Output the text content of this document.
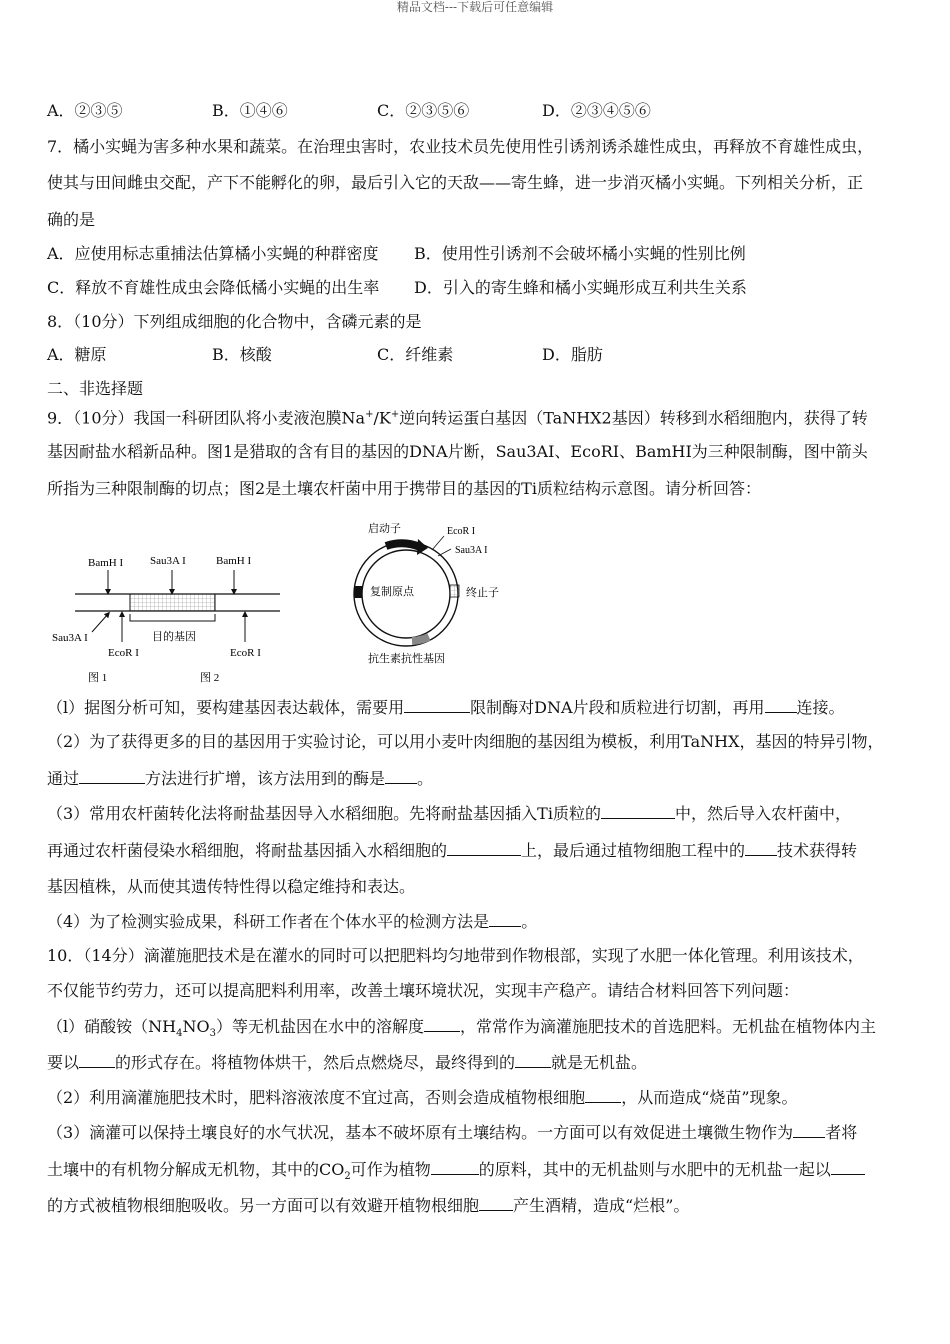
精品文档---下载后可任意编辑
A．②③⑤	B．①④⑥	C．②③⑤⑥	D．②③④⑤⑥
7．橘小实蝇为害多种水果和蔬菜。在治理虫害时，农业技术员先使用性引诱剂诱杀雄性成虫，再释放不育雄性成虫，
使其与田间雌虫交配，产下不能孵化的卵，最后引入它的天敌——寄生蜂，进一步消灭橘小实蝇。下列相关分析，正
确的是
A．应使用标志重捕法估算橘小实蝇的种群密度 B．使用性引诱剂不会破坏橘小实蝇的性别比例
C．释放不育雄性成虫会降低橘小实蝇的出生率 D．引入的寄生蜂和橘小实蝇形成互利共生关系
8．（10分）下列组成细胞的化合物中，含磷元素的是
A．糖原	B．核酸	C．纤维素	D．脂肪
二、非选择题
9．（10分）我国一科研团队将小麦液泡膜Na+/K+逆向转运蛋白基因（TaNHX2基因）转移到水稻细胞内，获得了转
基因耐盐水稻新品种。图1是猎取的含有目的基因的DNA片断，Sau3AI、EcoRI、BamHI为三种限制酶，图中箭头
所指为三种限制酶的切点；图2是土壤农杆菌中用于携带目的基因的Ti质粒结构示意图。请分析回答：
BamH I Sau3A I	BamH I
Sau3A I
EcoR I
目的基因
EcoR I
图 1
启动子	EcoR I
Sau3A I
复制原点	终止子
抗生素抗性基因
图 2
（l）据图分析可知，要构建基因表达载体，需要用	限制酶对DNA片段和质粒进行切割，再用 连接。
（2）为了获得更多的目的基因用于实验讨论，可以用小麦叶肉细胞的基因组为模板，利用TaNHX，基因的特异引物，
通过	方法进行扩增，该方法用到的酶是 。
（3）常用农杆菌转化法将耐盐基因导入水稻细胞。先将耐盐基因插入Ti质粒的	中，然后导入农杆菌中，
再通过农杆菌侵染水稻细胞，将耐盐基因插入水稻细胞的	上，最后通过植物细胞工程中的 技术获得转
基因植株，从而使其遗传特性得以稳定维持和表达。
（4）为了检测实验成果，科研工作者在个体水平的检测方法是 。
10．（14分）滴灌施肥技术是在灌水的同时可以把肥料均匀地带到作物根部，实现了水肥一体化管理。利用该技术，
不仅能节约劳力，还可以提高肥料利用率，改善土壤环境状况，实现丰产稳产。请结合材料回答下列问题：
（l）硝酸铵$(NH_4NO_3)$等无机盐因在水中的溶解度 ，常常作为滴灌施肥技术的首选肥料。无机盐在植物体内主
要以 的形式存在。将植物体烘干，然后点燃烧尽，最终得到的 就是无机盐。
（2）利用滴灌施肥技术时，肥料溶液浓度不宜过高，否则会造成植物根细胞 ，从而造成“烧苗”现象。
（3）滴灌可以保持土壤良好的水气状况，基本不破坏原有土壤结构。一方面可以有效促进土壤微生物作为 者将
土壤中的有机物分解成无机物，其中的$CO_2$可作为植物	的原料，其中的无机盐则与水肥中的无机盐一起以
的方式被植物根细胞吸收。另一方面可以有效避开植物根细胞 产生酒精，造成“烂根”。
